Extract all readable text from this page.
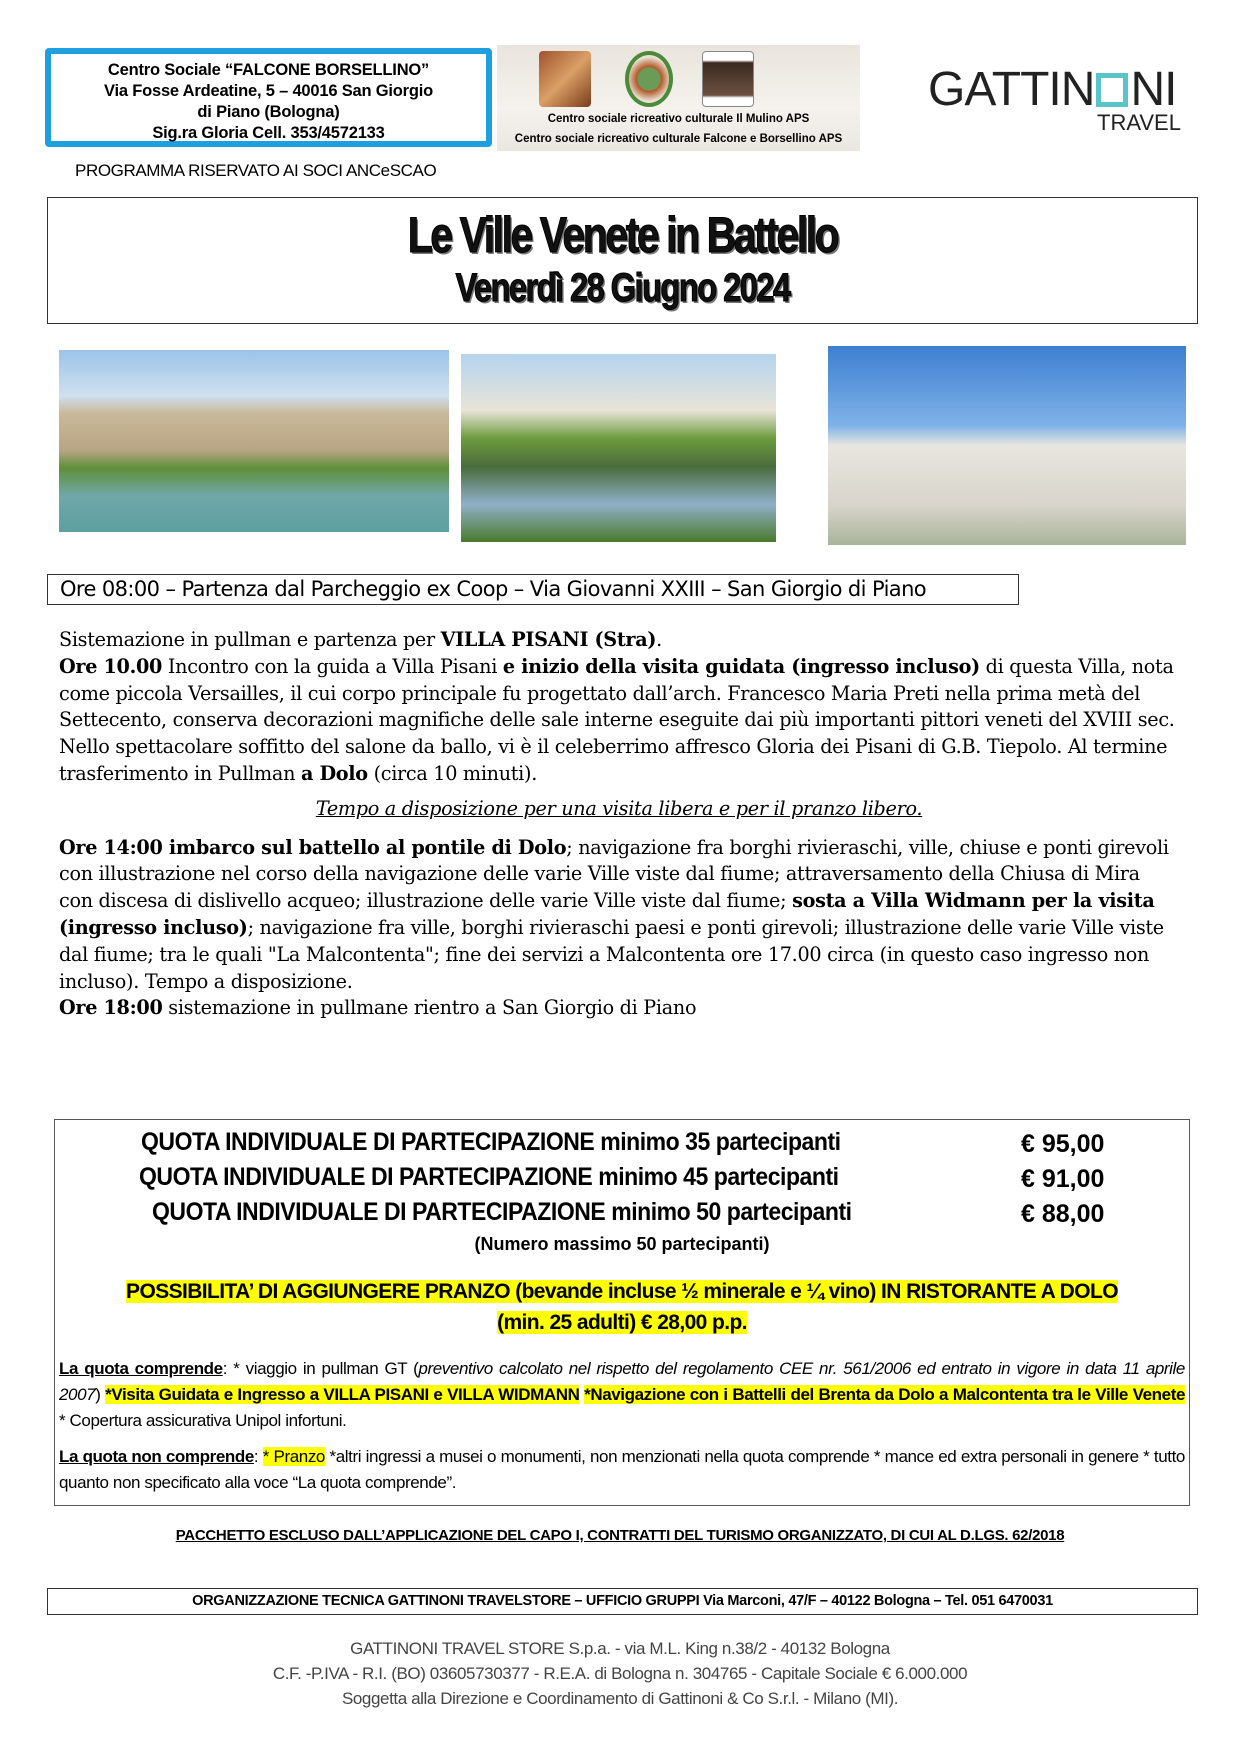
Centro Sociale “FALCONE BORSELLINO”
Via Fosse Ardeatine, 5 – 40016 San Giorgio
di Piano (Bologna)
Sig.ra Gloria Cell. 353/4572133
Centro sociale ricreativo culturale Il Mulino APS
Centro sociale ricreativo culturale Falcone e Borsellino APS
GATTIN NI
TRAVEL
PROGRAMMA RISERVATO AI SOCI ANCeSCAO
Le Ville Venete in Battello
Venerdì 28 Giugno 2024
Ore 08:00 – Partenza dal Parcheggio ex Coop – Via Giovanni XXIII – San Giorgio di Piano

Sistemazione in pullman e partenza per VILLA PISANI (Stra).

Ore 10.00 Incontro con la guida a Villa Pisani e inizio della visita guidata (ingresso incluso) di questa Villa, nota come piccola Versailles, il cui corpo principale fu progettato dall’arch. Francesco Maria Preti nella prima metà del Settecento, conserva decorazioni magnifiche delle sale interne eseguite dai più importanti pittori veneti del XVIII sec. Nello spettacolare soffitto del salone da ballo, vi è il celeberrimo affresco Gloria dei Pisani di G.B. Tiepolo. Al termine trasferimento in Pullman a Dolo (circa 10 minuti).

Tempo a disposizione per una visita libera e per il pranzo libero.

Ore 14:00 imbarco sul battello al pontile di Dolo; navigazione fra borghi rivieraschi, ville, chiuse e ponti girevoli con illustrazione nel corso della navigazione delle varie Ville viste dal fiume; attraversamento della Chiusa di Mira con discesa di dislivello acqueo; illustrazione delle varie Ville viste dal fiume; sosta a Villa Widmann per la visita (ingresso incluso); navigazione fra ville, borghi rivieraschi paesi e ponti girevoli; illustrazione delle varie Ville viste dal fiume; tra le quali "La Malcontenta"; fine dei servizi a Malcontenta ore 17.00 circa (in questo caso ingresso non incluso). Tempo a disposizione.

Ore 18:00 sistemazione in pullmane rientro a San Giorgio di Piano

QUOTA INDIVIDUALE DI PARTECIPAZIONE minimo 35 partecipanti	€ 95,00
QUOTA INDIVIDUALE DI PARTECIPAZIONE minimo 45 partecipanti	€ 91,00
QUOTA INDIVIDUALE DI PARTECIPAZIONE minimo 50 partecipanti	€ 88,00
(Numero massimo 50 partecipanti)
POSSIBILITA’ DI AGGIUNGERE PRANZO (bevande incluse ½ minerale e ¼ vino) IN RISTORANTE A DOLO
(min. 25 adulti) € 28,00 p.p.
La quota comprende: * viaggio in pullman GT (preventivo calcolato nel rispetto del regolamento CEE nr. 561/2006 ed entrato in vigore in data 11 aprile 2007) *Visita Guidata e Ingresso a VILLA PISANI e VILLA WIDMANN *Navigazione con i Battelli del Brenta da Dolo a Malcontenta tra le Ville Venete * Copertura assicurativa Unipol infortuni.
La quota non comprende: * Pranzo *altri ingressi a musei o monumenti, non menzionati nella quota comprende * mance ed extra personali in genere * tutto quanto non specificato alla voce “La quota comprende”.
PACCHETTO ESCLUSO DALL’APPLICAZIONE DEL CAPO I, CONTRATTI DEL TURISMO ORGANIZZATO, DI CUI AL D.LGS. 62/2018
ORGANIZZAZIONE TECNICA GATTINONI TRAVELSTORE – UFFICIO GRUPPI Via Marconi, 47/F – 40122 Bologna – Tel. 051 6470031
GATTINONI TRAVEL STORE S.p.a. - via M.L. King n.38/2 - 40132 Bologna
C.F. -P.IVA - R.I. (BO) 03605730377 - R.E.A. di Bologna n. 304765 - Capitale Sociale € 6.000.000
Soggetta alla Direzione e Coordinamento di Gattinoni & Co S.r.l. - Milano (MI).
